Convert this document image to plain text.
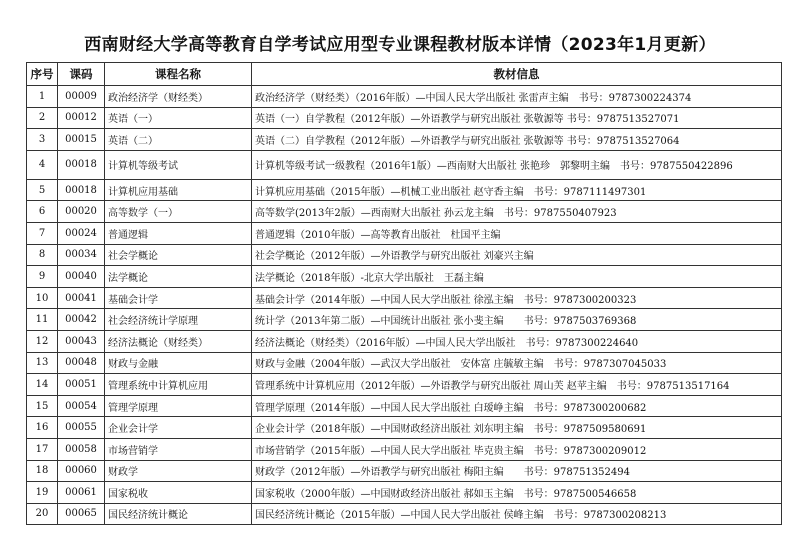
西南财经大学高等教育自学考试应用型专业课程教材版本详情（2023年1月更新）
序号	课码	课程名称	教材信息
1	00009	政治经济学（财经类）	政治经济学（财经类）（2016年版）—中国人民大学出版社 张雷声主编　书号：9787300224374
2	00012	英语（一）	英语（一）自学教程（2012年版）—外语教学与研究出版社 张敬源等 书号：9787513527071
3	00015	英语（二）	英语（二）自学教程（2012年版）—外语教学与研究出版社 张敬源等 书号：9787513527064
4	00018	计算机等级考试	计算机等级考试一级教程（2016年1版）—西南财大出版社 张艳珍　郭黎明主编　书号：9787550422896
5	00018	计算机应用基础	计算机应用基础（2015年版）—机械工业出版社 赵守香主编　书号：9787111497301
6	00020	高等数学（一）	高等数学(2013年2版）—西南财大出版社 孙云龙主编　书号：9787550407923
7	00024	普通逻辑	普通逻辑（2010年版）—高等教育出版社　杜国平主编
8	00034	社会学概论	社会学概论（2012年版）—外语教学与研究出版社 刘豪兴主编
9	00040	法学概论	法学概论（2018年版）-北京大学出版社　王磊主编
10	00041	基础会计学	基础会计学（2014年版）—中国人民大学出版社 徐泓主编　书号：9787300200323
11	00042	社会经济统计学原理	统计学（2013年第二版）—中国统计出版社 张小斐主编　　书号：9787503769368
12	00043	经济法概论（财经类）	经济法概论（财经类）（2016年版）—中国人民大学出版社　书号：9787300224640
13	00048	财政与金融	财政与金融（2004年版）—武汉大学出版社　安体富 庄毓敏主编　书号：9787307045033
14	00051	管理系统中计算机应用	管理系统中计算机应用（2012年版）—外语教学与研究出版社 周山芙 赵苹主编　书号：9787513517164
15	00054	管理学原理	管理学原理（2014年版）—中国人民大学出版社 白瑷峥主编　书号：9787300200682
16	00055	企业会计学	企业会计学（2018年版）—中国财政经济出版社 刘东明主编　书号：9787509580691
17	00058	市场营销学	市场营销学（2015年版）—中国人民大学出版社 毕克贵主编　书号：9787300209012
18	00060	财政学	财政学（2012年版）—外语教学与研究出版社 梅阳主编　　书号：978751352494
19	00061	国家税收	国家税收（2000年版）—中国财政经济出版社 郝如玉主编　书号：9787500546658
20	00065	国民经济统计概论	国民经济统计概论（2015年版）—中国人民大学出版社 侯峰主编　书号：9787300208213
